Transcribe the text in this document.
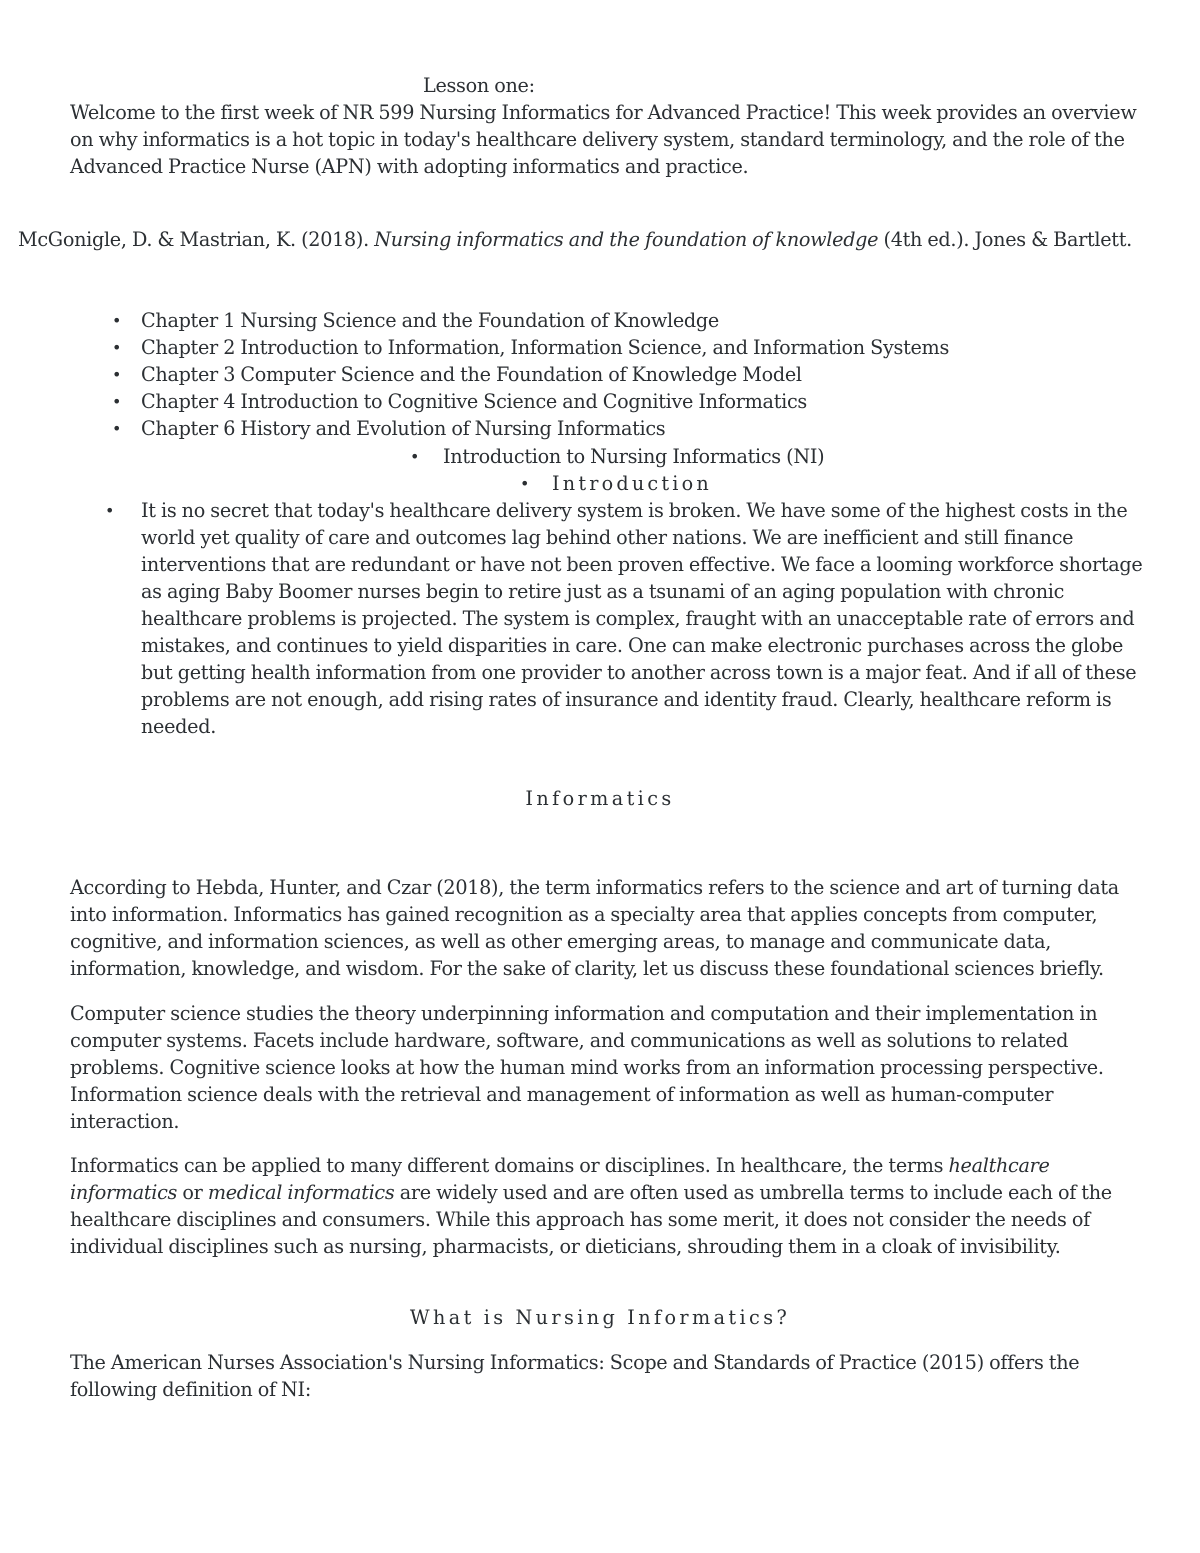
Lesson one:

Welcome to the first week of NR 599 Nursing Informatics for Advanced Practice! This week provides an overview on why informatics is a hot topic in today's healthcare delivery system, standard terminology, and the role of the Advanced Practice Nurse (APN) with adopting informatics and practice.

McGonigle, D. & Mastrian, K. (2018). Nursing informatics and the foundation of knowledge (4th ed.). Jones & Bartlett.

•	Chapter 1 Nursing Science and the Foundation of Knowledge
•	Chapter 2 Introduction to Information, Information Science, and Information Systems
•	Chapter 3 Computer Science and the Foundation of Knowledge Model
•	Chapter 4 Introduction to Cognitive Science and Cognitive Informatics
•	Chapter 6 History and Evolution of Nursing Informatics
•	Introduction to Nursing Informatics (NI)
•	Introduction
•	It is no secret that today's healthcare delivery system is broken. We have some of the highest costs in the world yet quality of care and outcomes lag behind other nations. We are inefficient and still finance interventions that are redundant or have not been proven effective. We face a looming workforce shortage as aging Baby Boomer nurses begin to retire just as a tsunami of an aging population with chronic healthcare problems is projected. The system is complex, fraught with an unacceptable rate of errors and mistakes, and continues to yield disparities in care. One can make electronic purchases across the globe but getting health information from one provider to another across town is a major feat. And if all of these problems are not enough, add rising rates of insurance and identity fraud. Clearly, healthcare reform is needed.
Informatics

According to Hebda, Hunter, and Czar (2018), the term informatics refers to the science and art of turning data into information. Informatics has gained recognition as a specialty area that applies concepts from computer, cognitive, and information sciences, as well as other emerging areas, to manage and communicate data, information, knowledge, and wisdom. For the sake of clarity, let us discuss these foundational sciences briefly.

Computer science studies the theory underpinning information and computation and their implementation in computer systems. Facets include hardware, software, and communications as well as solutions to related problems. Cognitive science looks at how the human mind works from an information processing perspective. Information science deals with the retrieval and management of information as well as human-computer interaction.

Informatics can be applied to many different domains or disciplines. In healthcare, the terms healthcare informatics or medical informatics are widely used and are often used as umbrella terms to include each of the healthcare disciplines and consumers. While this approach has some merit, it does not consider the needs of individual disciplines such as nursing, pharmacists, or dieticians, shrouding them in a cloak of invisibility.

What is Nursing Informatics?

The American Nurses Association's Nursing Informatics: Scope and Standards of Practice (2015) offers the following definition of NI:
